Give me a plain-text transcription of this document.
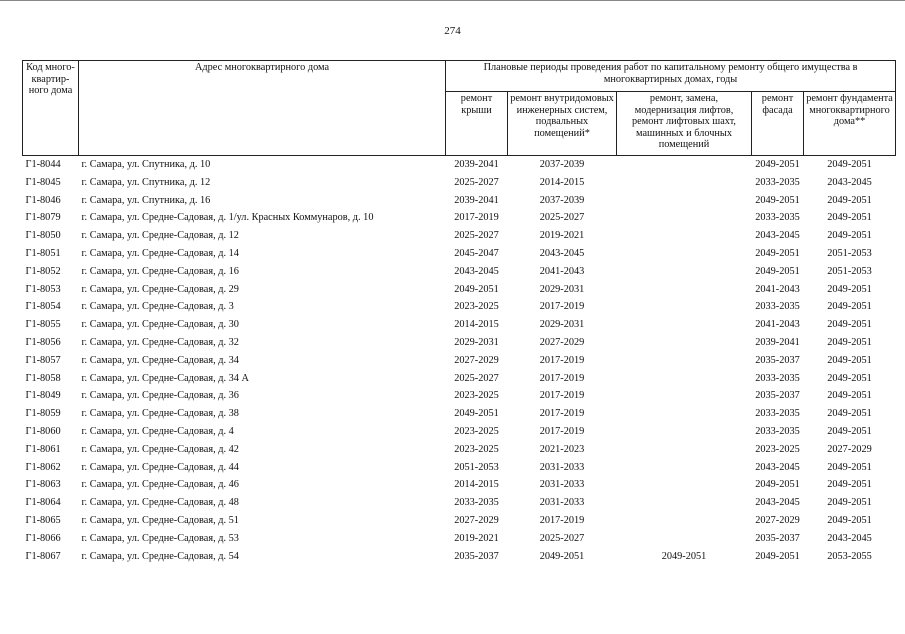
274
Код много-квартир-ного дома	Адрес многоквартирного дома	Плановые периоды проведения работ по капитальному ремонту общего имущества в многоквартирных домах, годы				
		ремонт крыши	ремонт внутридомовых инженерных систем, подвальных помещений*	ремонт, замена, модернизация лифтов, ремонт лифтовых шахт, машинных и блочных помещений	ремонт фасада	ремонт фундамента многоквартирного дома**
Г1-8044	г. Самара, ул. Спутника, д. 10	2039-2041	2037-2039		2049-2051	2049-2051
Г1-8045	г. Самара, ул. Спутника, д. 12	2025-2027	2014-2015		2033-2035	2043-2045
Г1-8046	г. Самара, ул. Спутника, д. 16	2039-2041	2037-2039		2049-2051	2049-2051
Г1-8079	г. Самара, ул. Средне-Садовая, д. 1/ул. Красных Коммунаров, д. 10	2017-2019	2025-2027		2033-2035	2049-2051
Г1-8050	г. Самара, ул. Средне-Садовая, д. 12	2025-2027	2019-2021		2043-2045	2049-2051
Г1-8051	г. Самара, ул. Средне-Садовая, д. 14	2045-2047	2043-2045		2049-2051	2051-2053
Г1-8052	г. Самара, ул. Средне-Садовая, д. 16	2043-2045	2041-2043		2049-2051	2051-2053
Г1-8053	г. Самара, ул. Средне-Садовая, д. 29	2049-2051	2029-2031		2041-2043	2049-2051
Г1-8054	г. Самара, ул. Средне-Садовая, д. 3	2023-2025	2017-2019		2033-2035	2049-2051
Г1-8055	г. Самара, ул. Средне-Садовая, д. 30	2014-2015	2029-2031		2041-2043	2049-2051
Г1-8056	г. Самара, ул. Средне-Садовая, д. 32	2029-2031	2027-2029		2039-2041	2049-2051
Г1-8057	г. Самара, ул. Средне-Садовая, д. 34	2027-2029	2017-2019		2035-2037	2049-2051
Г1-8058	г. Самара, ул. Средне-Садовая, д. 34 А	2025-2027	2017-2019		2033-2035	2049-2051
Г1-8049	г. Самара, ул. Средне-Садовая, д. 36	2023-2025	2017-2019		2035-2037	2049-2051
Г1-8059	г. Самара, ул. Средне-Садовая, д. 38	2049-2051	2017-2019		2033-2035	2049-2051
Г1-8060	г. Самара, ул. Средне-Садовая, д. 4	2023-2025	2017-2019		2033-2035	2049-2051
Г1-8061	г. Самара, ул. Средне-Садовая, д. 42	2023-2025	2021-2023		2023-2025	2027-2029
Г1-8062	г. Самара, ул. Средне-Садовая, д. 44	2051-2053	2031-2033		2043-2045	2049-2051
Г1-8063	г. Самара, ул. Средне-Садовая, д. 46	2014-2015	2031-2033		2049-2051	2049-2051
Г1-8064	г. Самара, ул. Средне-Садовая, д. 48	2033-2035	2031-2033		2043-2045	2049-2051
Г1-8065	г. Самара, ул. Средне-Садовая, д. 51	2027-2029	2017-2019		2027-2029	2049-2051
Г1-8066	г. Самара, ул. Средне-Садовая, д. 53	2019-2021	2025-2027		2035-2037	2043-2045
Г1-8067	г. Самара, ул. Средне-Садовая, д. 54	2035-2037	2049-2051	2049-2051	2049-2051	2053-2055
